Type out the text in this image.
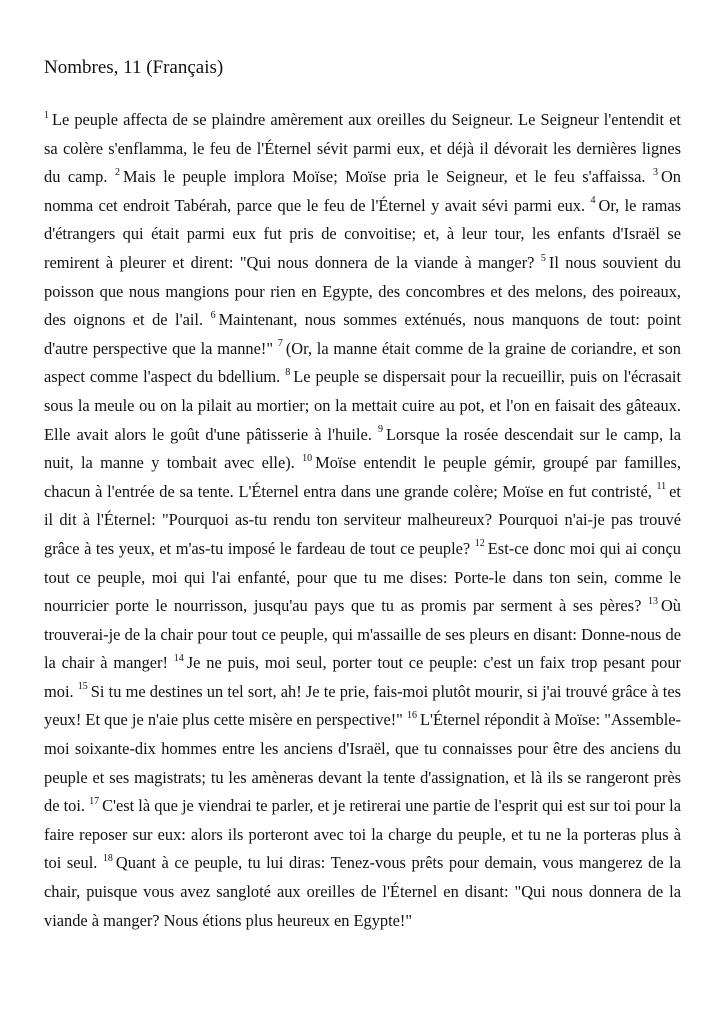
Nombres, 11 (Français)

$^1$ Le peuple affecta de se plaindre amèrement aux oreilles du Seigneur. Le Seigneur l'entendit et sa colère s'enflamma, le feu de l'Éternel sévit parmi eux, et déjà il dévorait les dernières lignes du camp. $^2$ Mais le peuple implora Moïse; Moïse pria le Seigneur, et le feu s'affaissa. $^3$ On nomma cet endroit Tabérah, parce que le feu de l'Éternel y avait sévi parmi eux. $^4$ Or, le ramas d'étrangers qui était parmi eux fut pris de convoitise; et, à leur tour, les enfants d'Israël se remirent à pleurer et dirent: "Qui nous donnera de la viande à manger? $^5$ Il nous souvient du poisson que nous mangions pour rien en Egypte, des concombres et des melons, des poireaux, des oignons et de l'ail. $^6$ Maintenant, nous sommes exténués, nous manquons de tout: point d'autre perspective que la manne!" $^7$ (Or, la manne était comme de la graine de coriandre, et son aspect comme l'aspect du bdellium. $^8$ Le peuple se dispersait pour la recueillir, puis on l'écrasait sous la meule ou on la pilait au mortier; on la mettait cuire au pot, et l'on en faisait des gâteaux. Elle avait alors le goût d'une pâtisserie à l'huile. $^9$ Lorsque la rosée descendait sur le camp, la nuit, la manne y tombait avec elle). $^{10}$ Moïse entendit le peuple gémir, groupé par familles, chacun à l'entrée de sa tente. L'Éternel entra dans une grande colère; Moïse en fut contristé, $^{11}$ et il dit à l'Éternel: "Pourquoi as-tu rendu ton serviteur malheureux? Pourquoi n'ai-je pas trouvé grâce à tes yeux, et m'as-tu imposé le fardeau de tout ce peuple? $^{12}$ Est-ce donc moi qui ai conçu tout ce peuple, moi qui l'ai enfanté, pour que tu me dises: Porte-le dans ton sein, comme le nourricier porte le nourrisson, jusqu'au pays que tu as promis par serment à ses pères? $^{13}$ Où trouverai-je de la chair pour tout ce peuple, qui m'assaille de ses pleurs en disant: Donne-nous de la chair à manger! $^{14}$ Je ne puis, moi seul, porter tout ce peuple: c'est un faix trop pesant pour moi. $^{15}$ Si tu me destines un tel sort, ah! Je te prie, fais-moi plutôt mourir, si j'ai trouvé grâce à tes yeux! Et que je n'aie plus cette misère en perspective!" $^{16}$ L'Éternel répondit à Moïse: "Assemble-moi soixante-dix hommes entre les anciens d'Israël, que tu connaisses pour être des anciens du peuple et ses magistrats; tu les amèneras devant la tente d'assignation, et là ils se rangeront près de toi. $^{17}$ C'est là que je viendrai te parler, et je retirerai une partie de l'esprit qui est sur toi pour la faire reposer sur eux: alors ils porteront avec toi la charge du peuple, et tu ne la porteras plus à toi seul. $^{18}$ Quant à ce peuple, tu lui diras: Tenez-vous prêts pour demain, vous mangerez de la chair, puisque vous avez sangloté aux oreilles de l'Éternel en disant: "Qui nous donnera de la viande à manger? Nous étions plus heureux en Egypte!"
